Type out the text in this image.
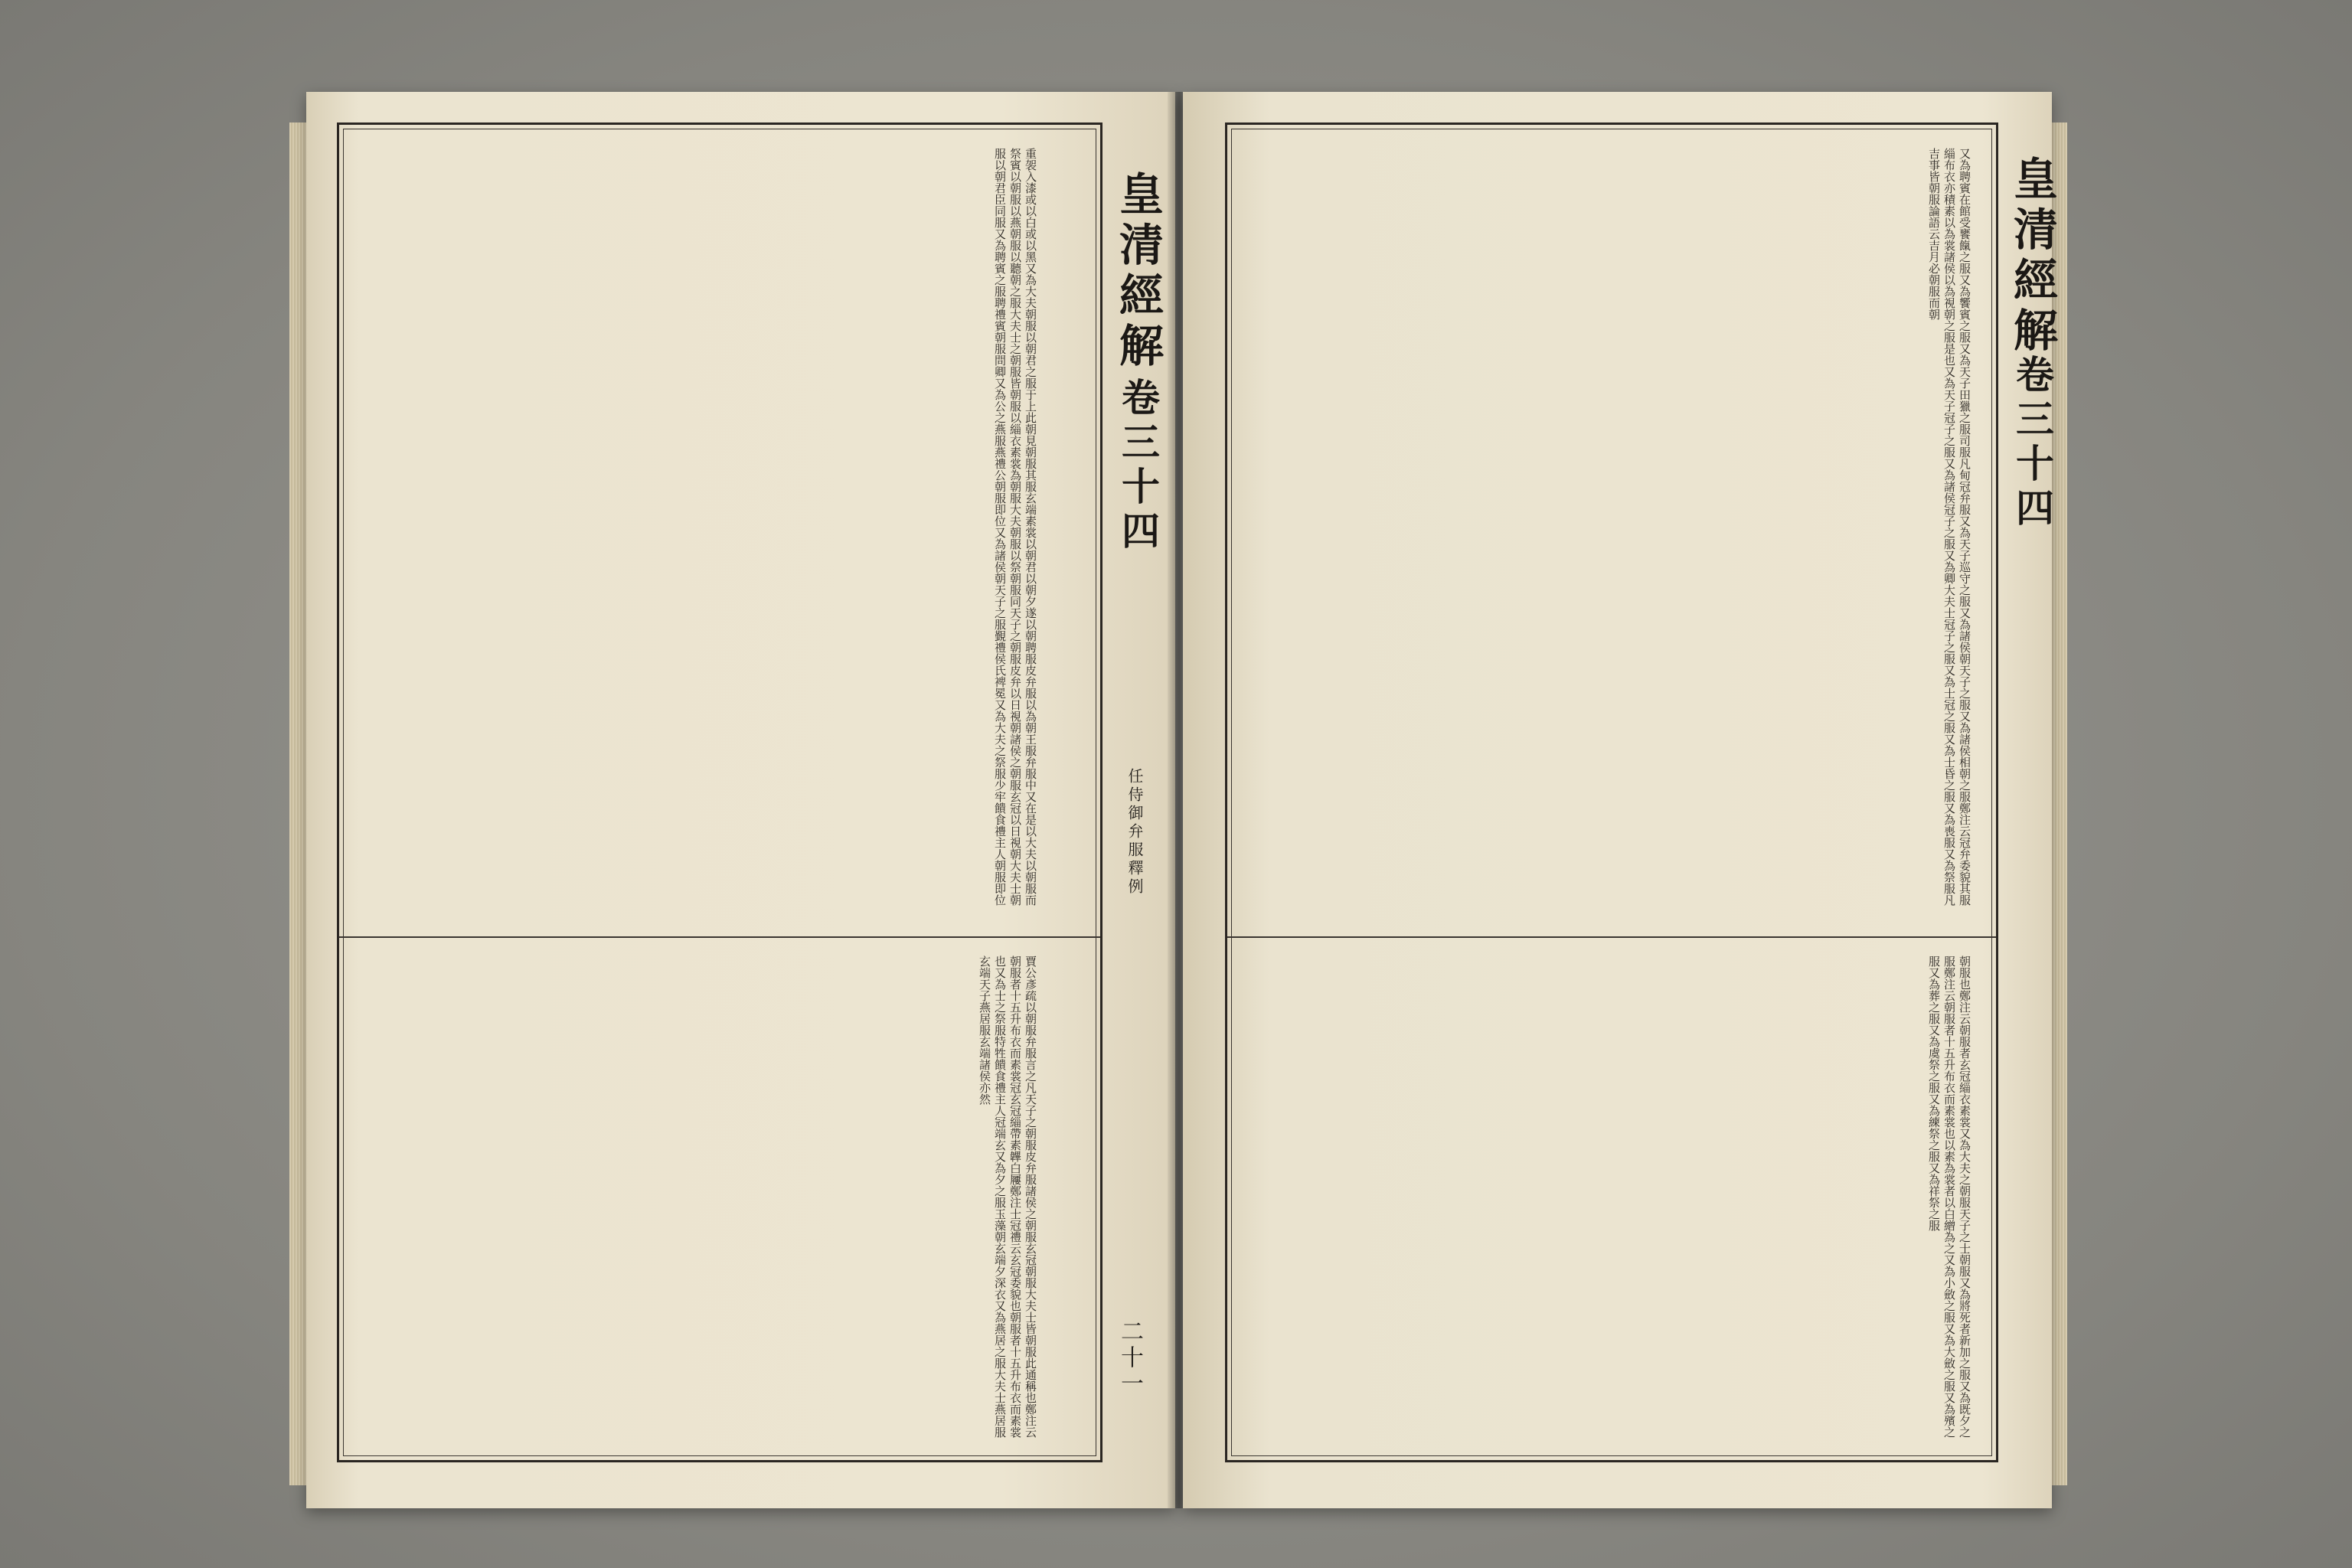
皇清經解
卷三十四
任侍御弁服釋例
二十一

重袈入漆或以白或以黑又為大夫朝服以朝君之服于上此朝見朝服其服玄端素裳以朝君以朝夕遂以朝聘服皮弁服以為朝王服弁服中又在是以大夫以朝服而祭賓以朝服以燕朝服以聽朝之服大夫士之朝服皆朝服以緇衣素裳為朝服大夫朝服以祭朝服同天子之朝服皮弁以日視朝諸侯之朝服玄冠以日視朝大夫士朝服以朝君臣同服又為聘賓之服聘禮賓朝服問卿又為公之燕服燕禮公朝服即位又為諸侯朝天子之服覲禮侯氏裨冕又為大夫之祭服少牢饋食禮主人朝服即位

賈公彥疏以朝服弁服言之凡天子之朝服皮弁服諸侯之朝服玄冠朝服大夫士皆朝服此通稱也鄭注云朝服者十五升布衣而素裳冠玄冠緇帶素韠白屨鄭注士冠禮云玄冠委貌也朝服者十五升布衣而素裳也又為士之祭服特牲饋食禮主人冠端玄又為夕之服玉藻朝玄端夕深衣又為燕居之服大夫士燕居服玄端天子燕居服玄端諸侯亦然

皇清經解
卷三十四

又為聘賓在館受饔餼之服又為饗賓之服又為天子田獵之服司服凡甸冠弁服又為天子巡守之服又為諸侯朝天子之服又為諸侯相朝之服鄭注云冠弁委貌其服緇布衣亦積素以為裳諸侯以為視朝之服是也又為天子冠子之服又為諸侯冠子之服又為卿大夫士冠子之服又為士冠之服又為士昏之服又為喪服又為祭服凡吉事皆朝服論語云吉月必朝服而朝

朝服也鄭注云朝服者玄冠緇衣素裳又為大夫之朝服天子之士朝服又為將死者新加之服又為既夕之服鄭注云朝服者十五升布衣而素裳也以素為裳者以白繒為之又為小斂之服又為大斂之服又為殯之服又為葬之服又為虞祭之服又為練祭之服又為祥祭之服
